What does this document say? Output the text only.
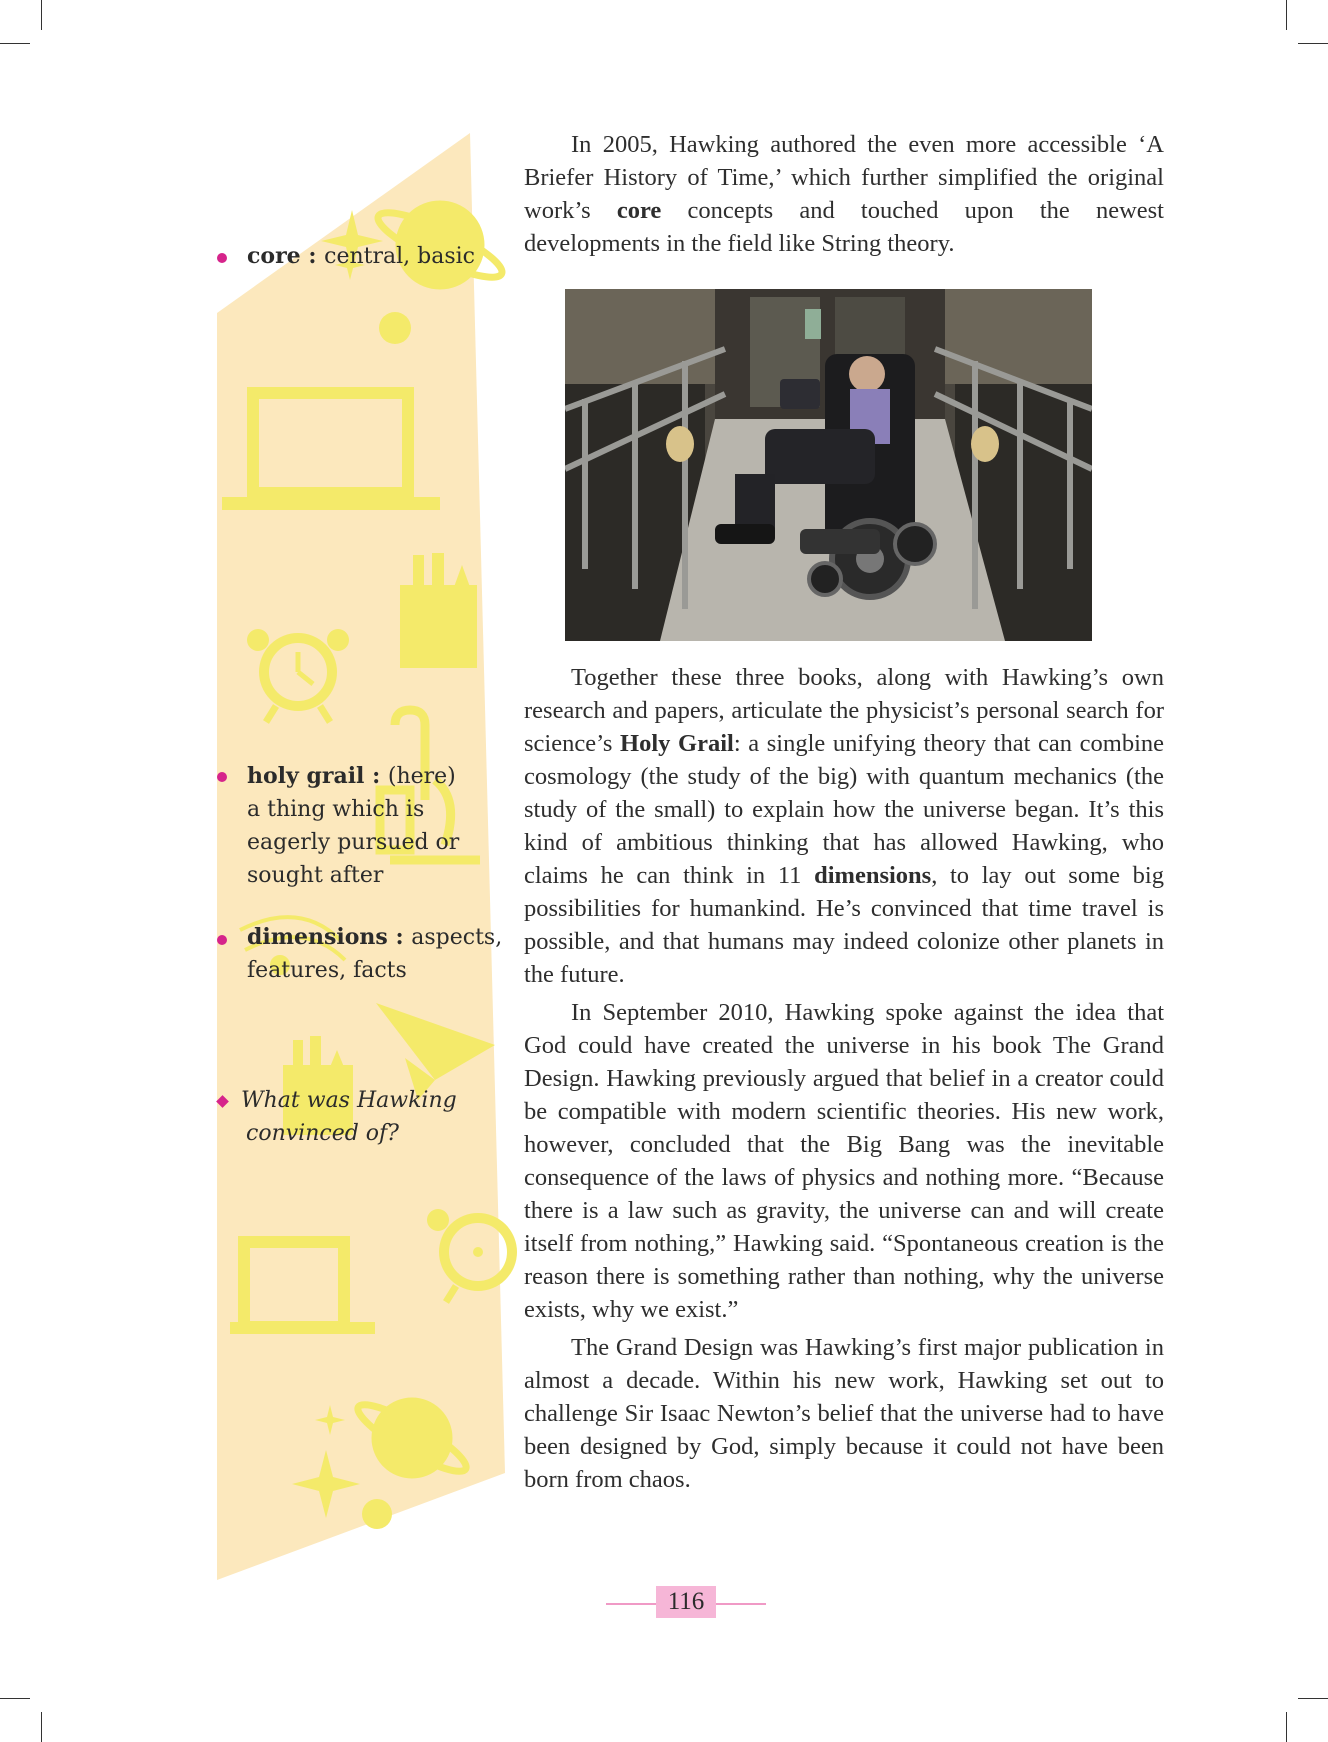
core : central, basic
holy grail : (here)
a thing which is
eagerly pursued or
sought after
dimensions : aspects,
features, facts
What was Hawking
convinced of?

In 2005, Hawking authored the even more accessible ‘A Briefer History of Time,’ which further simplified the original work’s core concepts and touched upon the newest developments in the field like String theory.

Together these three books, along with Hawking’s own research and papers, articulate the physicist’s personal search for science’s Holy Grail: a single unifying theory that can combine cosmology (the study of the big) with quantum mechanics (the study of the small) to explain how the universe began. It’s this kind of ambitious thinking that has allowed Hawking, who claims he can think in 11 dimensions, to lay out some big possibilities for humankind. He’s convinced that time travel is possible, and that humans may indeed colonize other planets in the future.

In September 2010, Hawking spoke against the idea that God could have created the universe in his book The Grand Design. Hawking previously argued that belief in a creator could be compatible with modern scientific theories. His new work, however, concluded that the Big Bang was the inevitable consequence of the laws of physics and nothing more. “Because there is a law such as gravity, the universe can and will create itself from nothing,” Hawking said. “Spontaneous creation is the reason there is something rather than nothing, why the universe exists, why we exist.”

The Grand Design was Hawking’s first major publication in almost a decade. Within his new work, Hawking set out to challenge Sir Isaac Newton’s belief that the universe had to have been designed by God, simply because it could not have been born from chaos.

116
